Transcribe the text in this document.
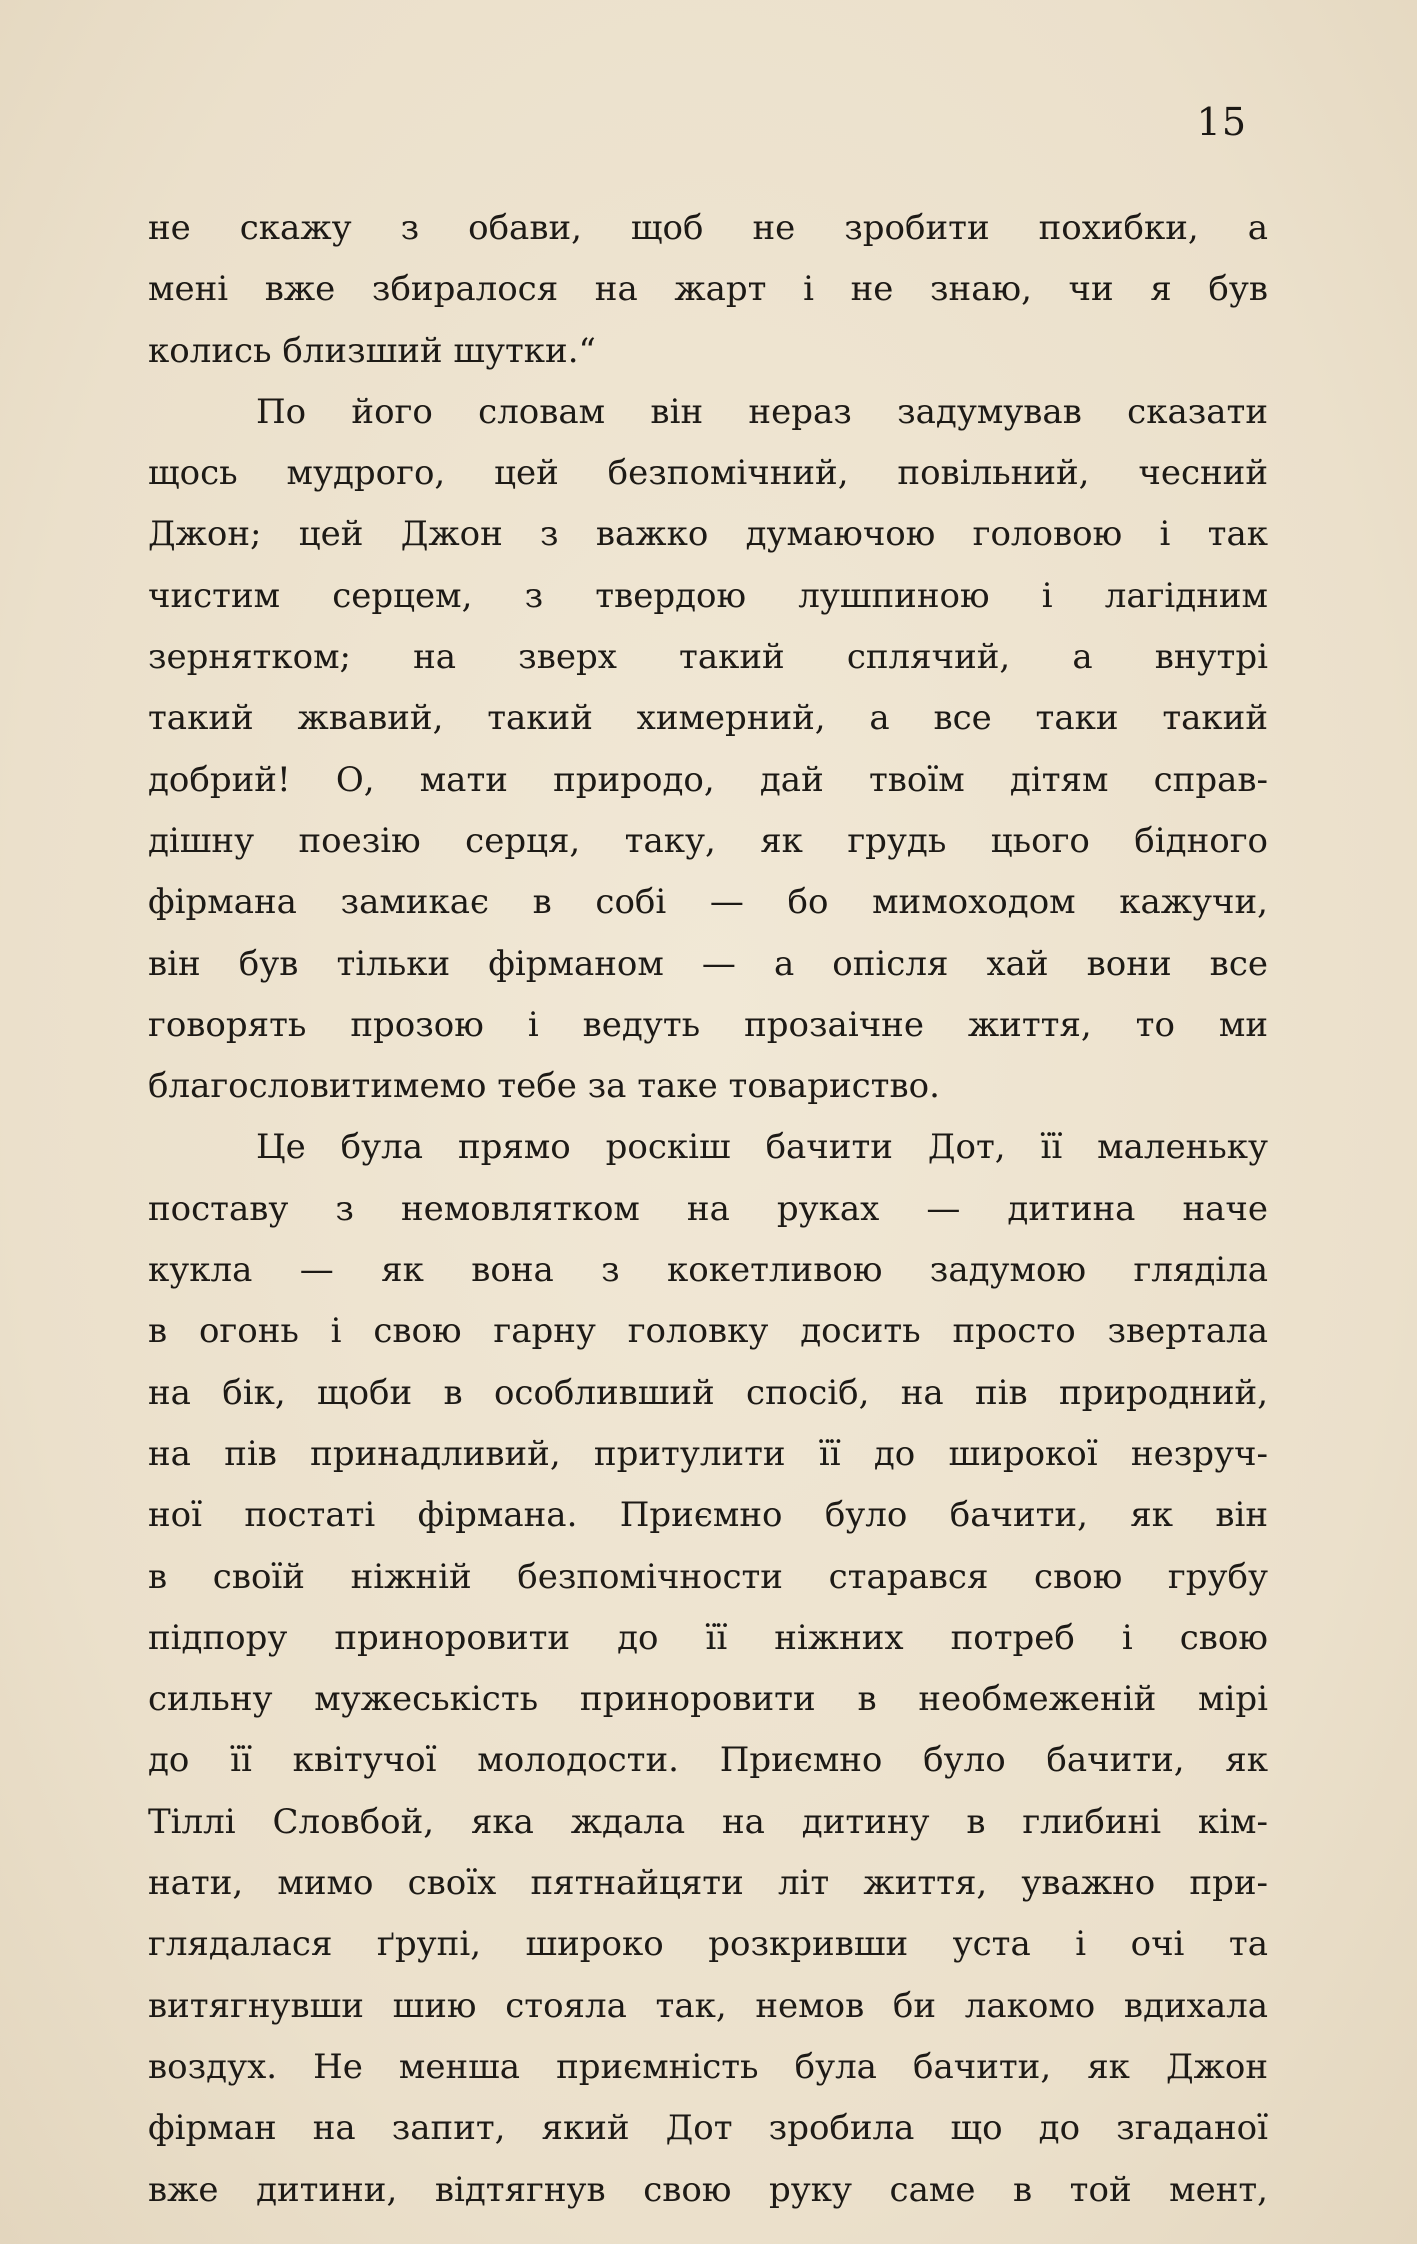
15
не скажу з обави, щоб не зробити похибки, а
мені вже збиралося на жарт і не знаю, чи я був
колись близший шутки.“
По його словам він нераз задумував сказати
щось мудрого, цей безпомічний, повільний, чесний
Джон; цей Джон з важко думаючою головою і так
чистим серцем, з твердою лушпиною і лагідним
зернятком; на зверх такий сплячий, а внутрі
такий жвавий, такий химерний, а все таки такий
добрий! О, мати природо, дай твоїм дітям справ-
дішну поезію серця, таку, як грудь цього бідного
фірмана замикає в собі — бо мимоходом кажучи,
він був тільки фірманом — а опісля хай вони все
говорять прозою і ведуть прозаічне життя, то ми
благословитимемо тебе за таке товариство.
Це була прямо роскіш бачити Дот, її маленьку
поставу з немовлятком на руках — дитина наче
кукла — як вона з кокетливою задумою гляділа
в огонь і свою гарну головку досить просто звертала
на бік, щоби в особливший спосіб, на пів природний,
на пів принадливий, притулити її до широкої незруч-
ної постаті фірмана. Приємно було бачити, як він
в своїй ніжній безпомічности старався свою грубу
підпору приноровити до її ніжних потреб і свою
сильну мужеськість приноровити в необмеженій мірі
до її квітучої молодости. Приємно було бачити, як
Тіллі Словбой, яка ждала на дитину в глибині кім-
нати, мимо своїх пятнайцяти літ життя, уважно при-
глядалася ґрупі, широко розкривши уста і очі та
витягнувши шию стояла так, немов би лакомо вдихала
воздух. Не менша приємність була бачити, як Джон
фірман на запит, який Дот зробила що до згаданої
вже дитини, відтягнув свою руку саме в той мент,
